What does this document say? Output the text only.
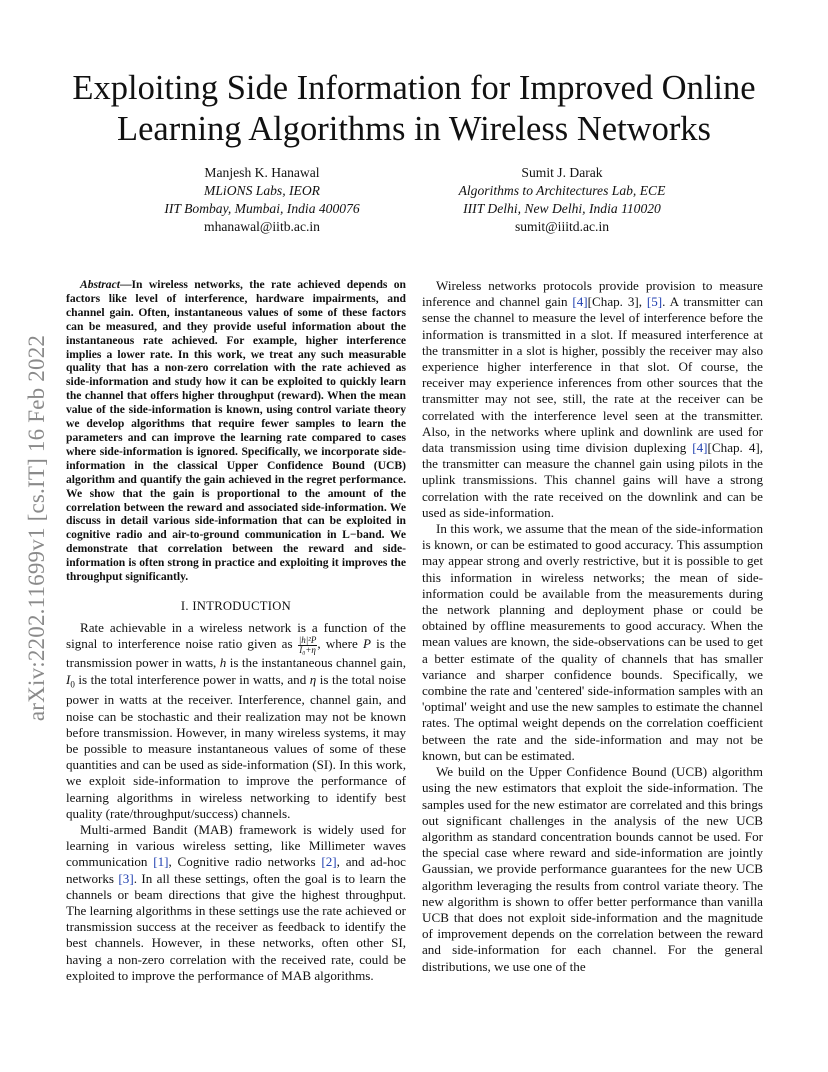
arXiv:2202.11699v1 [cs.IT] 16 Feb 2022
Exploiting Side Information for Improved Online Learning Algorithms in Wireless Networks
Manjesh K. Hanawal
MLiONS Labs, IEOR
IIT Bombay, Mumbai, India 400076
mhanawal@iitb.ac.in
Sumit J. Darak
Algorithms to Architectures Lab, ECE
IIIT Delhi, New Delhi, India 110020
sumit@iiitd.ac.in

Abstract—In wireless networks, the rate achieved depends on factors like level of interference, hardware impairments, and channel gain. Often, instantaneous values of some of these factors can be measured, and they provide useful information about the instantaneous rate achieved. For example, higher interference implies a lower rate. In this work, we treat any such measurable quality that has a non-zero correlation with the rate achieved as side-information and study how it can be exploited to quickly learn the channel that offers higher throughput (reward). When the mean value of the side-information is known, using control variate theory we develop algorithms that require fewer samples to learn the parameters and can improve the learning rate compared to cases where side-information is ignored. Specifically, we incorporate side-information in the classical Upper Confidence Bound (UCB) algorithm and quantify the gain achieved in the regret performance. We show that the gain is proportional to the amount of the correlation between the reward and associated side-information. We discuss in detail various side-information that can be exploited in cognitive radio and air-to-ground communication in L−band. We demonstrate that correlation between the reward and side-information is often strong in practice and exploiting it improves the throughput significantly.

I. INTRODUCTION

Rate achievable in a wireless network is a function of the signal to interference noise ratio given as $\frac{\text{|h|²P}}{\text{I₀+η}}$ , where P is the transmission power in watts, h is the instantaneous channel gain, $I_0$ is the total interference power in watts, and η is the total noise power in watts at the receiver. Interference, channel gain, and noise can be stochastic and their realization may not be known before transmission. However, in many wireless systems, it may be possible to measure instantaneous values of some of these quantities and can be used as side-information (SI). In this work, we exploit side-information to improve the performance of learning algorithms in wireless networking to identify best quality (rate/throughput/success) channels.

Multi-armed Bandit (MAB) framework is widely used for learning in various wireless setting, like Millimeter waves communication [1], Cognitive radio networks [2], and ad-hoc networks [3]. In all these settings, often the goal is to learn the channels or beam directions that give the highest throughput. The learning algorithms in these settings use the rate achieved or transmission success at the receiver as feedback to identify the best channels. However, in these networks, often other SI, having a non-zero correlation with the received rate, could be exploited to improve the performance of MAB algorithms.

Wireless networks protocols provide provision to measure inference and channel gain [4][Chap. 3], [5]. A transmitter can sense the channel to measure the level of interference before the information is transmitted in a slot. If measured interference at the transmitter in a slot is higher, possibly the receiver may also experience higher interference in that slot. Of course, the receiver may experience inferences from other sources that the transmitter may not see, still, the rate at the receiver can be correlated with the interference level seen at the transmitter. Also, in the networks where uplink and downlink are used for data transmission using time division duplexing [4][Chap. 4], the transmitter can measure the channel gain using pilots in the uplink transmissions. This channel gains will have a strong correlation with the rate received on the downlink and can be used as side-information.

In this work, we assume that the mean of the side-information is known, or can be estimated to good accuracy. This assumption may appear strong and overly restrictive, but it is possible to get this information in wireless networks; the mean of side-information could be available from the measurements during the network planning and deployment phase or could be obtained by offline measurements to good accuracy. When the mean values are known, the side-observations can be used to get a better estimate of the quality of channels that has smaller variance and sharper confidence bounds. Specifically, we combine the rate and 'centered' side-information samples with an 'optimal' weight and use the new samples to estimate the channel rates. The optimal weight depends on the correlation coefficient between the rate and the side-information and may not be known, but can be estimated.

We build on the Upper Confidence Bound (UCB) algorithm using the new estimators that exploit the side-information. The samples used for the new estimator are correlated and this brings out significant challenges in the analysis of the new UCB algorithm as standard concentration bounds cannot be used. For the special case where reward and side-information are jointly Gaussian, we provide performance guarantees for the new UCB algorithm leveraging the results from control variate theory. The new algorithm is shown to offer better performance than vanilla UCB that does not exploit side-information and the magnitude of improvement depends on the correlation between the reward and side-information for each channel. For the general distributions, we use one of the
